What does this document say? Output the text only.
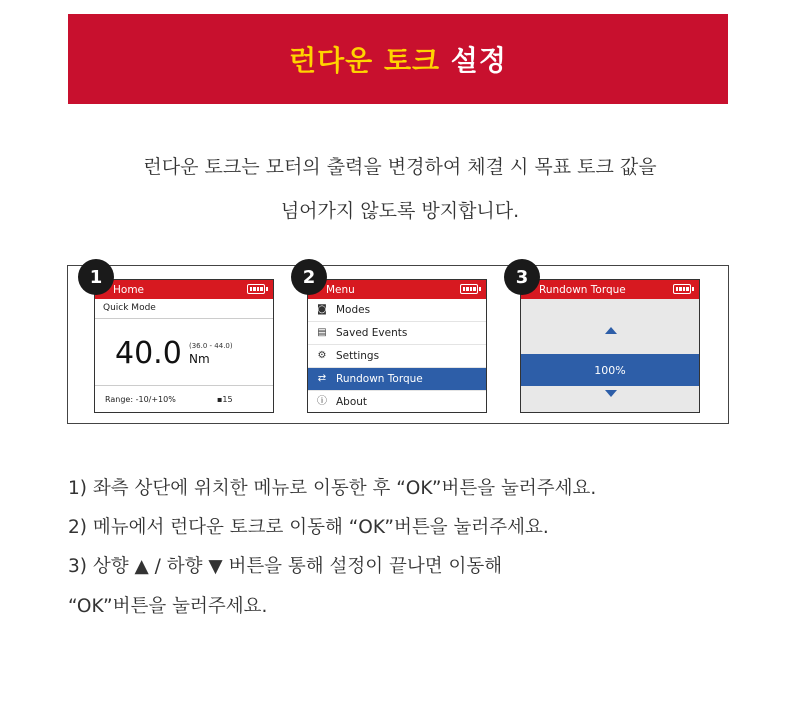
런다운 토크 설정
런다운 토크는 모터의 출력을 변경하여 체결 시 목표 토크 값을
넘어가지 않도록 방지합니다.
1
Home
Quick Mode
40.0 (36.0 - 44.0)
Nm
Range: -10/+10%	▪︎15
2
Menu
◙ Modes
▤ Saved Events
⚙ Settings
⇄ Rundown Torque
ⓘ About
3
Rundown Torque
100%
1) 좌측 상단에 위치한 메뉴로 이동한 후 “OK”버튼을 눌러주세요.
2) 메뉴에서 런다운 토크로 이동해 “OK”버튼을 눌러주세요.
3) 상향 ▲ / 하향 ▼ 버튼을 통해 설정이 끝나면 이동해
“OK”버튼을 눌러주세요.
